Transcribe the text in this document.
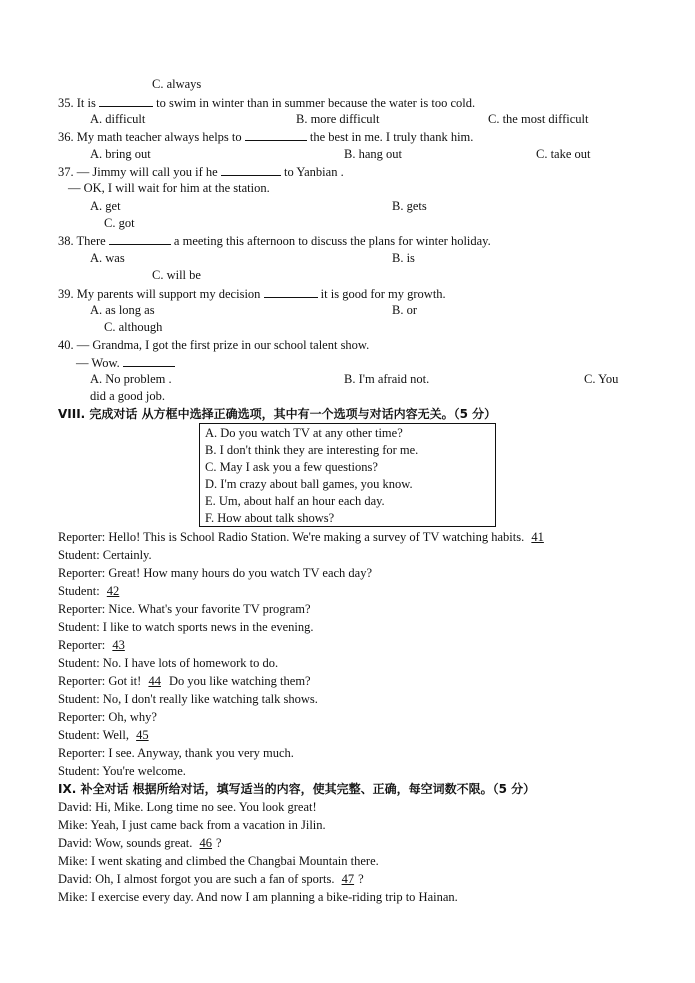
C. always
35. It is	to swim in winter than in summer because the water is too cold.
A. difficult	B. more difficult	C. the most difficult
36. My math teacher always helps to	the best in me. I truly thank him.
A. bring out	B. hang out	C. take out
37. — Jimmy will call you if he	to Yanbian .
— OK, I will wait for him at the station.
A. get	B. gets
C. got
38. There	a meeting this afternoon to discuss the plans for winter holiday.
A. was	B. is
C. will be
39. My parents will support my decision	it is good for my growth.
A. as long as	B. or
C. although
40. — Grandma, I got the first prize in our school talent show.
— Wow.
A. No problem .	B. I'm afraid not.	C. You
did a good job.
VIII. 完成对话 从方框中选择正确选项，其中有一个选项与对话内容无关。（5 分）
A. Do you watch TV at any other time?
B. I don't think they are interesting for me.
C. May I ask you a few questions?
D. I'm crazy about ball games, you know.
E. Um, about half an hour each day.
F. How about talk shows?
Reporter: Hello! This is School Radio Station. We're making a survey of TV watching habits. 41
Student: Certainly.
Reporter: Great! How many hours do you watch TV each day?
Student: 42
Reporter: Nice. What's your favorite TV program?
Student: I like to watch sports news in the evening.
Reporter: 43
Student: No. I have lots of homework to do.
Reporter: Got it! 44 Do you like watching them?
Student: No, I don't really like watching talk shows.
Reporter: Oh, why?
Student: Well, 45
Reporter: I see. Anyway, thank you very much.
Student: You're welcome.
IX. 补全对话 根据所给对话，填写适当的内容，使其完整、正确，每空词数不限。（5 分）
David: Hi, Mike. Long time no see. You look great!
Mike: Yeah, I just came back from a vacation in Jilin.
David: Wow, sounds great. 46 ?
Mike: I went skating and climbed the Changbai Mountain there.
David: Oh, I almost forgot you are such a fan of sports. 47 ?
Mike: I exercise every day. And now I am planning a bike-riding trip to Hainan.
